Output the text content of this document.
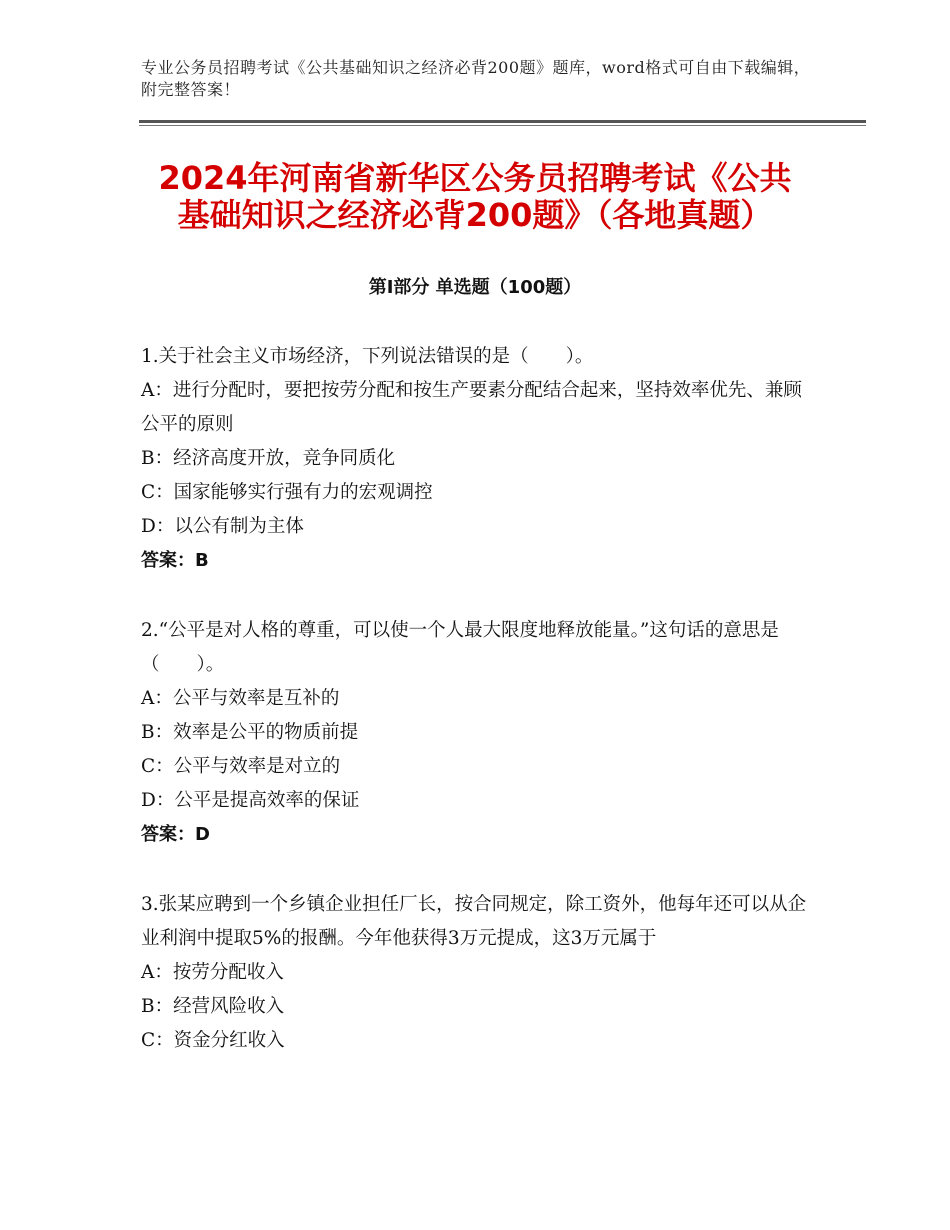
专业公务员招聘考试《公共基础知识之经济必背200题》题库，word格式可自由下载编辑，附完整答案！
2024年河南省新华区公务员招聘考试《公共
基础知识之经济必背200题》（各地真题）
第Ⅰ部分 单选题（100题）
1.关于社会主义市场经济，下列说法错误的是（　　）。
A：进行分配时，要把按劳分配和按生产要素分配结合起来，坚持效率优先、兼顾公平的原则
B：经济高度开放，竞争同质化
C：国家能够实行强有力的宏观调控
D：以公有制为主体
答案：B
2.“公平是对人格的尊重，可以使一个人最大限度地释放能量。”这句话的意思是（　　）。
A：公平与效率是互补的
B：效率是公平的物质前提
C：公平与效率是对立的
D：公平是提高效率的保证
答案：D
3.张某应聘到一个乡镇企业担任厂长，按合同规定，除工资外，他每年还可以从企业利润中提取5%的报酬。今年他获得3万元提成，这3万元属于
A：按劳分配收入
B：经营风险收入
C：资金分红收入
